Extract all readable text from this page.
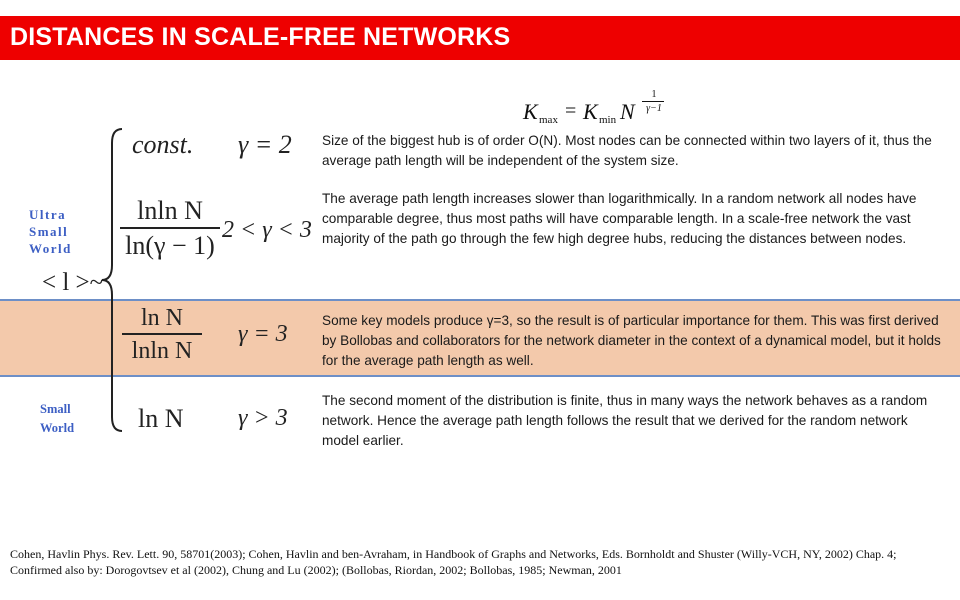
DISTANCES IN SCALE-FREE NETWORKS
K max = K min N
1
γ−1
< l >~
const. γ = 2
lnln N
ln(γ − 1)
2 < γ < 3
ln N
lnln N
γ = 3
ln N γ > 3
Ultra
Small
World
Small
World
Size of the biggest hub is of order O(N). Most nodes can be connected within two layers of it, thus the average path length will be independent of the system size.
The average path length increases slower than logarithmically. In a random network all nodes have comparable degree, thus most paths will have comparable length. In a scale-free network the vast majority of the path go through the few high degree hubs, reducing the distances between nodes.
Some key models produce γ=3, so the result is of particular importance for them. This was first derived by Bollobas and collaborators for the network diameter in the context of a dynamical model, but it holds for the average path length as well.
The second moment of the distribution is finite, thus in many ways the network behaves as a random network. Hence the average path length follows the result that we derived for the random network model earlier.
Cohen, Havlin Phys. Rev. Lett. 90, 58701(2003); Cohen, Havlin and ben-Avraham, in Handbook of Graphs and Networks, Eds. Bornholdt and Shuster (Willy-VCH, NY, 2002) Chap. 4; Confirmed also by: Dorogovtsev et al (2002), Chung and Lu (2002); (Bollobas, Riordan, 2002; Bollobas, 1985; Newman, 2001
